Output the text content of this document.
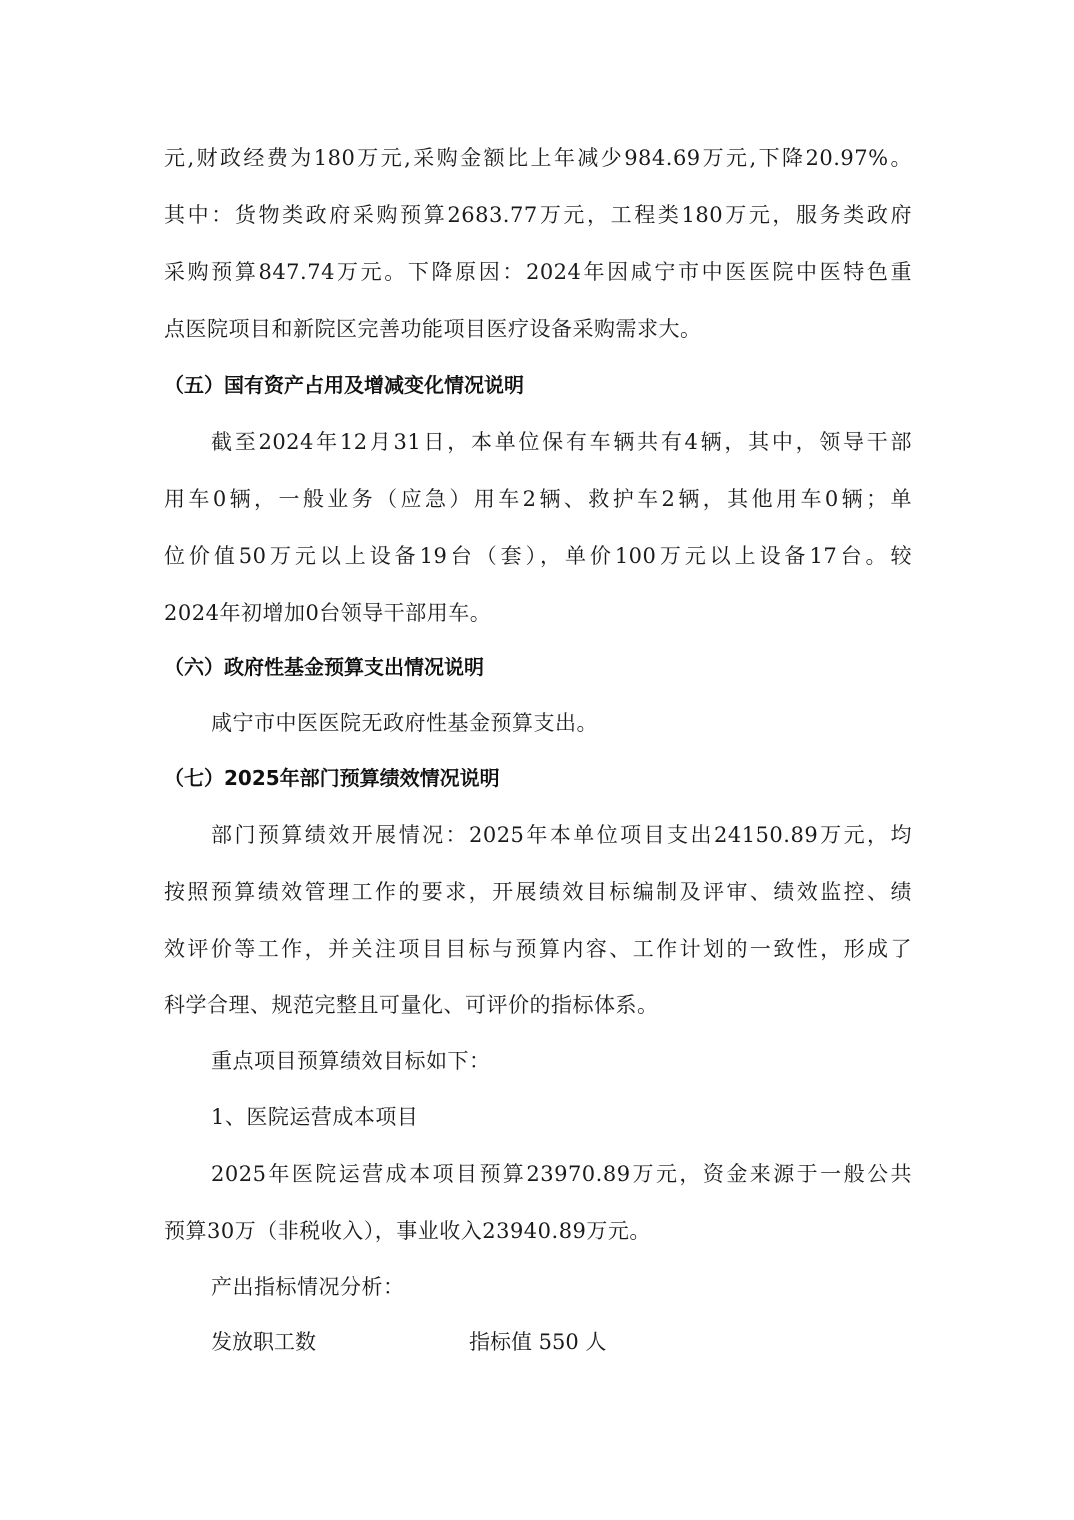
元,财政经费为180万元,采购金额比上年减少984.69万元,下降20.97%。
其中：货物类政府采购预算2683.77万元，工程类180万元，服务类政府
采购预算847.74万元。下降原因：2024年因咸宁市中医医院中医特色重
点医院项目和新院区完善功能项目医疗设备采购需求大。
（五）国有资产占用及增减变化情况说明
截至2024年12月31日，本单位保有车辆共有4辆，其中，领导干部
用车0辆，一般业务（应急）用车2辆、救护车2辆，其他用车0辆；单
位价值50万元以上设备19台（套），单价100万元以上设备17台。较
2024年初增加0台领导干部用车。
（六）政府性基金预算支出情况说明
咸宁市中医医院无政府性基金预算支出。
（七）2025年部门预算绩效情况说明
部门预算绩效开展情况：2025年本单位项目支出24150.89万元，均
按照预算绩效管理工作的要求，开展绩效目标编制及评审、绩效监控、绩
效评价等工作，并关注项目目标与预算内容、工作计划的一致性，形成了
科学合理、规范完整且可量化、可评价的指标体系。
重点项目预算绩效目标如下：
1、医院运营成本项目
2025年医院运营成本项目预算23970.89万元，资金来源于一般公共
预算30万（非税收入），事业收入23940.89万元。
产出指标情况分析：
发放职工数	指标值 550 人
